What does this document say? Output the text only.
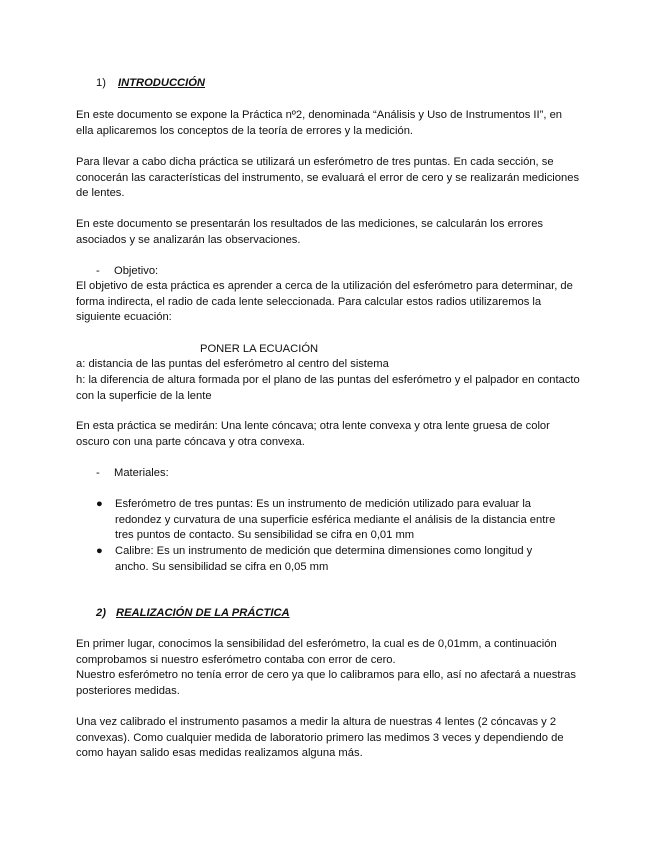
1) INTRODUCCIÓN

En este documento se expone la Práctica nº2, denominada “Análisis y Uso de Instrumentos II”, en ella aplicaremos los conceptos de la teoría de errores y la medición.

Para llevar a cabo dicha práctica se utilizará un esferómetro de tres puntas. En cada sección, se conocerán las características del instrumento, se evaluará el error de cero y se realizarán mediciones de lentes.

En este documento se presentarán los resultados de las mediciones, se calcularán los errores asociados y se analizarán las observaciones.

- Objetivo:

El objetivo de esta práctica es aprender a cerca de la utilización del esferómetro para determinar, de forma indirecta, el radio de cada lente seleccionada. Para calcular estos radios utilizaremos la siguiente ecuación:

PONER LA ECUACIÓN

a: distancia de las puntas del esferómetro al centro del sistema

h: la diferencia de altura formada por el plano de las puntas del esferómetro y el palpador en contacto con la superficie de la lente

En esta práctica se medirán: Una lente cóncava; otra lente convexa y otra lente gruesa de color oscuro con una parte cóncava y otra convexa.

- Materiales:
●	Esferómetro de tres puntas: Es un instrumento de medición utilizado para evaluar la redondez y curvatura de una superficie esférica mediante el análisis de la distancia entre tres puntos de contacto. Su sensibilidad se cifra en 0,01 mm
●	Calibre: Es un instrumento de medición que determina dimensiones como longitud y ancho. Su sensibilidad se cifra en 0,05 mm
2) REALIZACIÓN DE LA PRÁCTICA

En primer lugar, conocimos la sensibilidad del esferómetro, la cual es de 0,01mm, a continuación comprobamos si nuestro esferómetro contaba con error de cero.

Nuestro esferómetro no tenía error de cero ya que lo calibramos para ello, así no afectará a nuestras posteriores medidas.

Una vez calibrado el instrumento pasamos a medir la altura de nuestras 4 lentes (2 cóncavas y 2 convexas). Como cualquier medida de laboratorio primero las medimos 3 veces y dependiendo de como hayan salido esas medidas realizamos alguna más.
